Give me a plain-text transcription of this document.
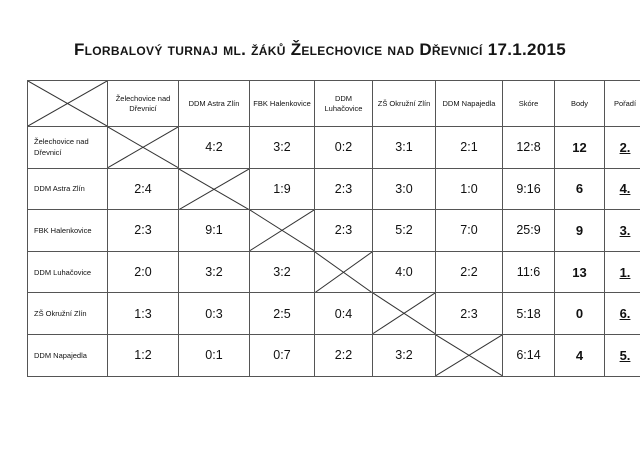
Florbalový turnaj ml. žáků Želechovice nad Dřevnicí 17.1.2015
	Želechovice nad Dřevnicí	DDM Astra Zlín	FBK Halenkovice	DDM Luhačovice	ZŠ Okružní Zlín	DDM Napajedla	Skóre	Body	Pořadí
Želechovice nad Dřevnicí		4:2	3:2	0:2	3:1	2:1	12:8	12	2.
DDM Astra Zlín	2:4		1:9	2:3	3:0	1:0	9:16	6	4.
FBK Halenkovice	2:3	9:1		2:3	5:2	7:0	25:9	9	3.
DDM Luhačovice	2:0	3:2	3:2		4:0	2:2	11:6	13	1.
ZŠ Okružní Zlín	1:3	0:3	2:5	0:4		2:3	5:18	0	6.
DDM Napajedla	1:2	0:1	0:7	2:2	3:2		6:14	4	5.
